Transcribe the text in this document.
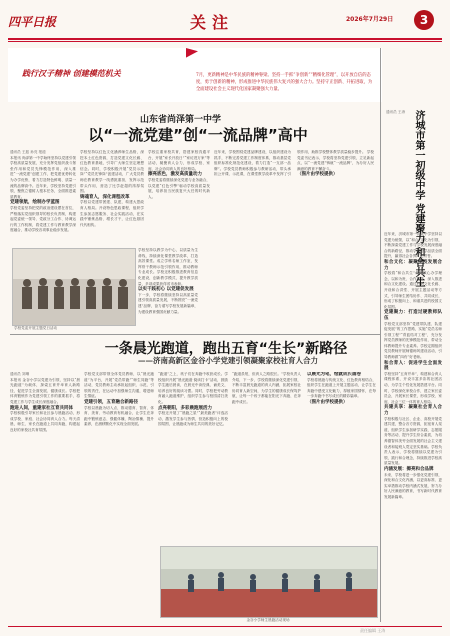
四平日报	关注	2026年7月29日	3
践行汉子精神 创建模范机关	7月，更新精神是中华民族的精神脊梁。坚持一手抓“争创新”“精细化管理”，以开放自信的态度，勇于创新的精神，形成推进中华民族伟大复兴的强大合力。坚持守正创新、开拓进取，为全面建设社会主义现代化国家凝聚强大力量。
山东省尚泽第一中学
以“一流党建”创“一流品牌”高中
通讯员 王振 孙亮 报道
本报讯 尚泽第一中学始终坚持以党建引领学校高质量发展，充分发挥党组织战斗堡垒作用和党员先锋模范作用，深入推进“一流党建”创建工作，把党建优势转化为办学优势，着力打造特色鲜明、质量一流的品牌高中。近年来，学校坚持党建引领，聚焦立德树人根本任务，全面推进素质教育。
党建领航，绘制办学蓝图
学校党委坚持把党的政治建设摆在首位，严格落实党组织领导的校长负责制，构建起党委统一领导、党政分工合作、协调运行的工作机制，将党建工作与教育教学深度融合，推动学校各项事业稳步发展。
学校党委开展主题党日活动
学校坚持以红色文化涵养师生品格，深挖本土红色资源，打造党建文化长廊、红色教育基地，引导广大师生坚定理想信念。同时，学校积极开展“党员示范岗”“党员先锋岗”创建活动，广大党员教师在教育教学一线勇挑重担，发挥示范带头作用，营造了比学赶超的浓厚氛围。
铸魂育人，深化课程改革
学校以党建带团建、队建，构建大思政育人格局。开设特色思政课程，组织学生参加志愿服务、社会实践活动，在实践中锤炼品格、增长才干，让红色基因代代相传。
学校坚持以教学为中心，以质量为生命线，持续深化课堂教学改革，打造高效课堂。成立学科名师工作室，发挥骨干教师示范引领作用，推动教师专业成长。学校还积极推进教育信息化建设，创新教学模式，提升教学质量，多项成果获得省市表彰。
以实干践初心 以党建促发展
下一步，学校将继续坚持以高质量党建引领高质量发展，不断擦亮“一流党建”品牌，奋力谱写学校发展新篇章，为建设教育强国贡献力量。
学校注重家校共育，搭建家校沟通平台，开展“家长开放日”“家访进万家”等活动，凝聚育人合力，形成学校、家庭、社会协同育人的良好格局。
擦亮底色，激发高质量动力
学校党委将继续深化党建与业务融合，以党建“红色引擎”驱动学校高质量发展，培养担当民族复兴大任的时代新人。
近年来，学校围绕党建品牌建设，以组织建设为抓手，不断完善党建工作制度体系，推动基层党组织标准化规范化建设，着力打造“一支部一品牌”。学校党员教师积极参与教研活动，带头承担公开课、示范课，在课堂教学改革中发挥了引领作用，助推学校整体教学质量稳步提升。 学校党委书记表示，学校将坚持党建引领，立足新起点，以“一流党建”铸就“一流品牌”，为办好人民满意的教育不懈奋斗。
（图片由学校提供）
一条晨光跑道，跑出五育“生长”新路径
——济南高新区金谷小学党建引领凝聚家校社育人合力
通讯员 刘琳
本报讯 金谷小学以党建为引领，坚持以“晨光跑道”为载体，探索五育并举育人新路径，促进学生全面发展、健康成长。学校把体育锻炼作为党建引领工作的重要抓手，将党建工作与学生成长深度融合。
跑进人间，重建家社互育共同体
学校积极引导家长和社区参与晨跑活动，形成学校、家庭、社会协同育人合力。每天清晨，师生、家长在跑道上共同奔跑，构建起良好的家校社共育氛围。
学校党支部带领全体党员教师，以“晨光跑道”为平台，开展“党员带跑”“师生同跑”等活动，党员教师主动承担起组织、示范、引领的责任，在运动中加强师生沟通，增进师生情谊。
党建引领，五育融合新路径
学校以晨跑为切入点，推动德育、智育、体育、美育、劳动教育有机融合，让学生在奔跑中锻炼意志、强健体魄、陶冶情操、提升素养，在潜移默化中实现全面发展。
“跑道”之上，孩子们在奔跑中收获成长。学校组织开展“晨光跑道·阅读打卡”活动，鼓励学生跑后晨读，在晨光中读经典、诵美文，培养良好的阅读习惯。同时，学校把劳动教育融入跑道维护，组织学生参与校园清扫美化。
点亮朝阳，多彩晨跑展活力
学校还开展了“晨跑之星”“最美跑者”评选活动，激发学生参与热情，营造积极向上的校园氛围，让晨跑成为师生共同的美好记忆。
“跑道虽短，但育人之路很长。”学校负责人介绍，下一步，学校将继续深化党建引领，不断丰富晨光跑道的育人内涵，拓展家校社协同育人新空间，为学生的健康成长保驾护航，让每一个孩子都能在阳光下奔跑、在奔跑中成长。
以晨光为笔，绘就成长画卷
学校将晨跑与传统文化、红色教育相结合，组织学生在跑道上开展主题活动，让学生在奔跑中感受文化魅力，厚植家国情怀，在每一步奔跑中书写成长的精彩篇章。
（图片由学校提供）
金谷小学师生晨跑活动现场
通讯员 王涛 济城市第一初级中学 党建聚力 和合共生
近年来，济城市第一初级中学坚持以党建为统领，以“和合”文化为引领，不断探索党建工作与学校发展深度融合的新路径，推动学校办学品质全面提升，赢得社会各界广泛赞誉。
和合文化：凝聚学校发展合力
学校将“和合共生”作为核心办学理念，以和为贵、合作共进，深入推进和合文化建设。通过打造文化长廊、开设和合讲堂、开展主题活动等方式，引导师生团结协作、共同成长，形成了积极向上、和谐共进的校园文化氛围。
党建聚力：打造过硬教师队伍
学校党支部坚持“党建带队建、队建促发展”的工作思路，实施“党员名师引领工程”“青蓝结对工程”，充分发挥党员教师的先锋模范作用，带动全体教师提升专业素养。学校定期组织党员教师开展师德师风建设活动，引导教师做“四有”好老师。
和合育人：促进学生全面发展
学校坚持“五育并举”，构建和合育人课程体系，开设丰富多彩的社团活动，为学生个性化发展搭建平台。同时，学校深化家校合作，建立家长委员会，开展家长课堂，形成学校、家庭、社会三位一体的育人格局。
共建共享：凝聚社会育人合力
学校积极与社区、企业、高校开展党建共建，整合各方资源，拓宽育人渠道，组织学生参加研学实践、志愿服务等活动，提升学生综合素质，为培养德智体美劳全面发展的社会主义建设者和接班人奠定坚实基础。学校负责人表示，学校将继续以党建为引领，践行和合理念，持续推进学校高质量发展。
内涵发展：擦亮和合品牌
未来，学校将进一步强化党建引领，深化和合文化内涵，以更高标准、更实举措推动学校内涵式发展，努力办好人民满意的教育，书写新时代教育发展新篇章。
责任编辑 王涛
